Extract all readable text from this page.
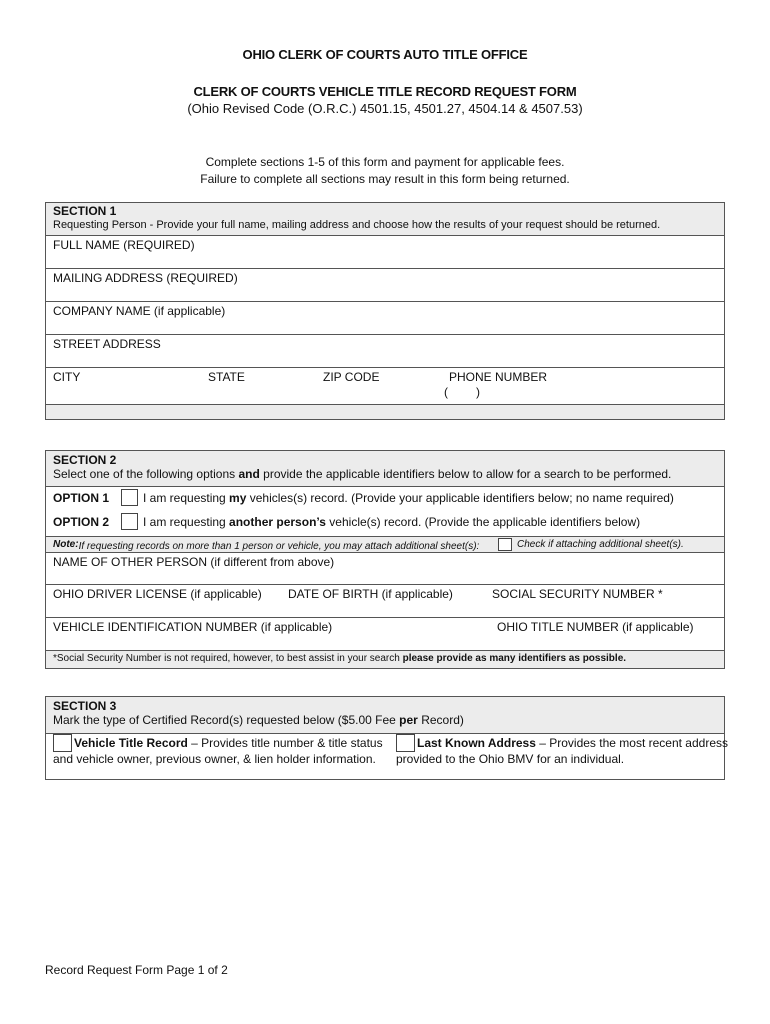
OHIO CLERK OF COURTS AUTO TITLE OFFICE
CLERK OF COURTS VEHICLE TITLE RECORD REQUEST FORM
(Ohio Revised Code (O.R.C.) 4501.15, 4501.27, 4504.14 & 4507.53)
Complete sections 1-5 of this form and payment for applicable fees.
Failure to complete all sections may result in this form being returned.
SECTION 1
Requesting Person - Provide your full name, mailing address and choose how the results of your request should be returned.
FULL NAME (REQUIRED)
MAILING ADDRESS (REQUIRED)
COMPANY NAME (if applicable)
STREET ADDRESS
CITY	STATE	ZIP CODE	PHONE NUMBER
( )
SECTION 2
Select one of the following options and provide the applicable identifiers below to allow for a search to be performed.
OPTION 1	I am requesting my vehicles(s) record. (Provide your applicable identifiers below; no name required)
OPTION 2	I am requesting another person’s vehicle(s) record. (Provide the applicable identifiers below)
Note: If requesting records on more than 1 person or vehicle, you may attach additional sheet(s):	Check if attaching additional sheet(s).
NAME OF OTHER PERSON (if different from above)
OHIO DRIVER LICENSE (if applicable) DATE OF BIRTH (if applicable)	SOCIAL SECURITY NUMBER *
VEHICLE IDENTIFICATION NUMBER (if applicable)	OHIO TITLE NUMBER (if applicable)
*Social Security Number is not required, however, to best assist in your search please provide as many identifiers as possible.
SECTION 3
Mark the type of Certified Record(s) requested below ($5.00 Fee per Record)
Vehicle Title Record – Provides title number & title status
and vehicle owner, previous owner, & lien holder information.
Last Known Address – Provides the most recent address
provided to the Ohio BMV for an individual.
Record Request Form Page 1 of 2
